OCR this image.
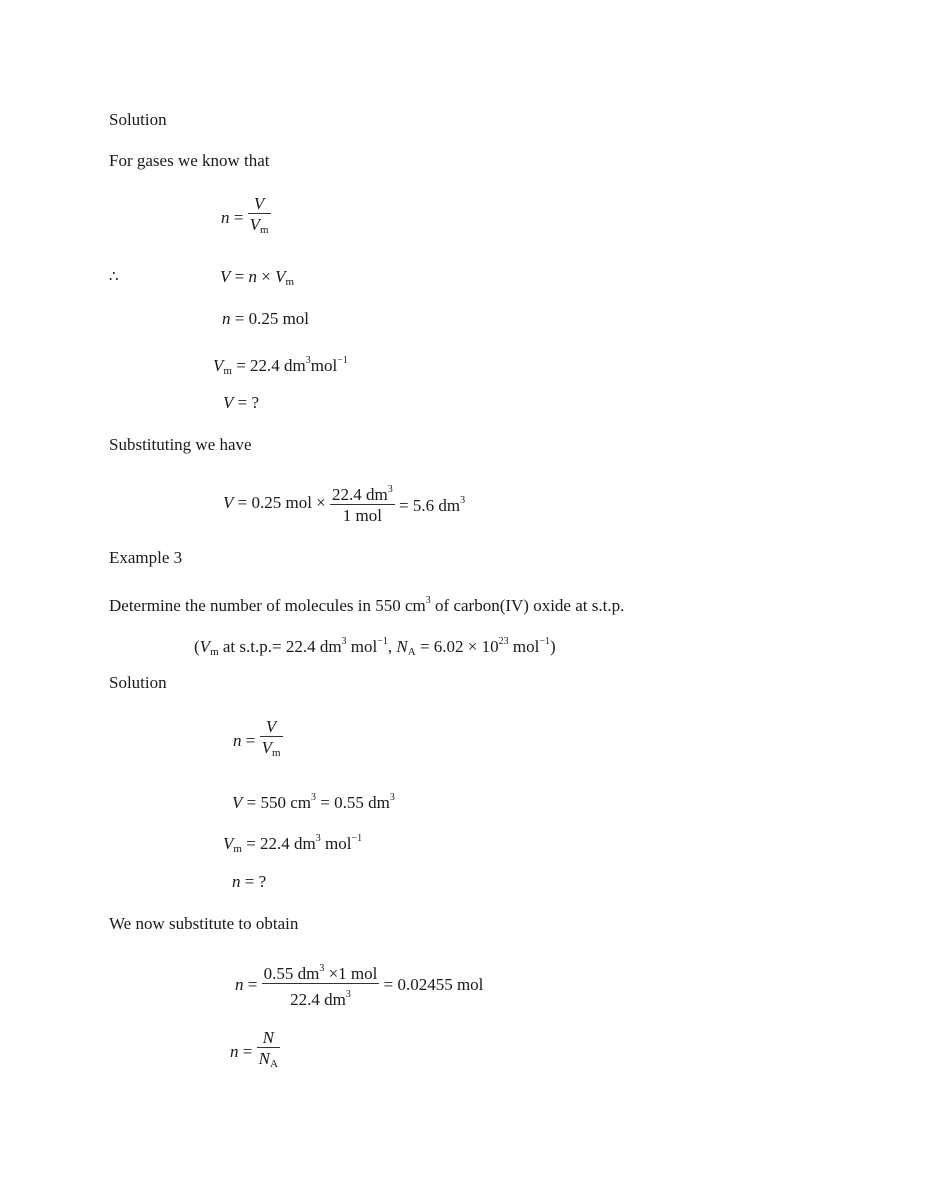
Solution
For gases we know that
$n = \frac{V}{V_m}$
∴	$V = n \times V_m$
n = 0.25 mol
$V_m = 22.4$ $dm^3mol^{-1}$
V = ?
Substituting we have
V = 0.25 mol × $\frac{22.4 dm^3}{\text{1 mol}} = 5.6$ $dm^3$
Example 3
Determine the number of molecules in 550 $cm^3$ of carbon(IV) oxide at s.t.p.
($V_m$ at s.t.p.= 22.4 $dm^3$ mol$^{-1}$, $N_A = 6.02 \times 10^{23}$ mol$^{-1}$)
Solution
$n = \frac{V}{V_m}$
V = 550 $cm^3 = 0.55$ $dm^3$
$V_m = 22.4$ $dm^3$ mol$^{-1}$
n = ?
We now substitute to obtain
$n = \frac{0.55 dm^3 \times 1 mol}{22.4 dm^3} = 0.02455$ mol
$n = \frac{N}{N_A}$
